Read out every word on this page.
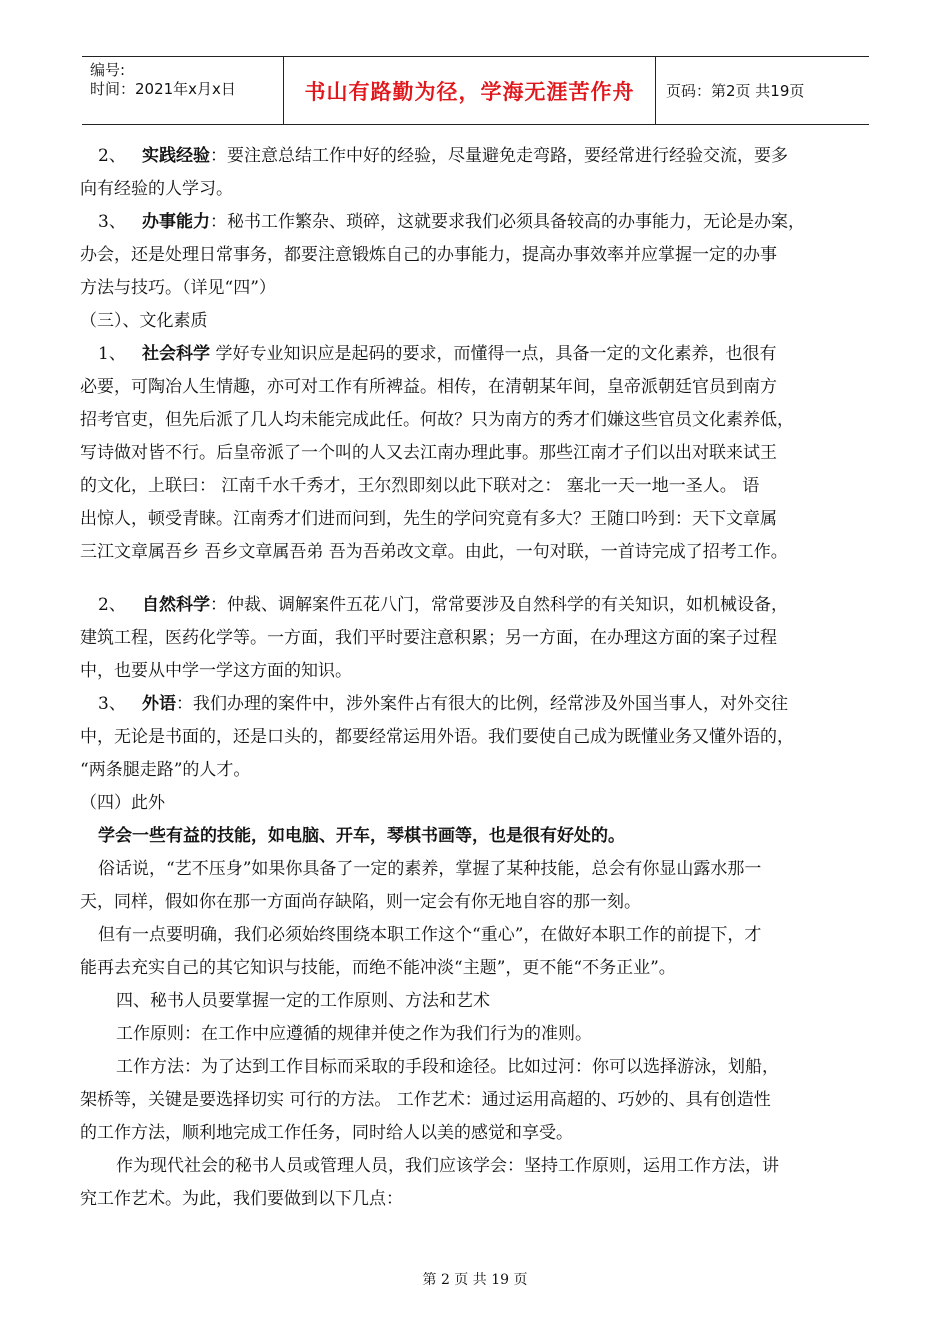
编号:
时间：2021年x月x日	书山有路勤为径，学海无涯苦作舟	页码：第2页 共19页

2、 实践经验：要注意总结工作中好的经验，尽量避免走弯路，要经常进行经验交流，要多

向有经验的人学习。

3、 办事能力：秘书工作繁杂、琐碎，这就要求我们必须具备较高的办事能力，无论是办案，

办会，还是处理日常事务，都要注意锻炼自己的办事能力，提高办事效率并应掌握一定的办事

方法与技巧。（详见“四”）

（三）、文化素质

1、 社会科学 学好专业知识应是起码的要求，而懂得一点，具备一定的文化素养，也很有

必要，可陶冶人生情趣，亦可对工作有所裨益。相传，在清朝某年间，皇帝派朝廷官员到南方

招考官吏，但先后派了几人均未能完成此任。何故？只为南方的秀才们嫌这些官员文化素养低，

写诗做对皆不行。后皇帝派了一个叫的人又去江南办理此事。那些江南才子们以出对联来试王

的文化，上联曰： 江南千水千秀才，王尔烈即刻以此下联对之： 塞北一天一地一圣人。 语

出惊人，顿受青睐。江南秀才们进而问到，先生的学问究竟有多大？王随口吟到：天下文章属

三江文章属吾乡 吾乡文章属吾弟 吾为吾弟改文章。由此，一句对联，一首诗完成了招考工作。

2、 自然科学：仲裁、调解案件五花八门，常常要涉及自然科学的有关知识，如机械设备，

建筑工程，医药化学等。一方面，我们平时要注意积累；另一方面，在办理这方面的案子过程

中，也要从中学一学这方面的知识。

3、 外语：我们办理的案件中，涉外案件占有很大的比例，经常涉及外国当事人，对外交往

中，无论是书面的，还是口头的，都要经常运用外语。我们要使自己成为既懂业务又懂外语的，

“两条腿走路”的人才。

（四）此外

学会一些有益的技能，如电脑、开车，琴棋书画等，也是很有好处的。

俗话说，“艺不压身”如果你具备了一定的素养，掌握了某种技能，总会有你显山露水那一

天，同样，假如你在那一方面尚存缺陷，则一定会有你无地自容的那一刻。

但有一点要明确，我们必须始终围绕本职工作这个“重心”，在做好本职工作的前提下，才

能再去充实自己的其它知识与技能，而绝不能冲淡“主题”，更不能“不务正业”。

四、秘书人员要掌握一定的工作原则、方法和艺术

工作原则：在工作中应遵循的规律并使之作为我们行为的准则。

工作方法：为了达到工作目标而采取的手段和途径。比如过河：你可以选择游泳，划船，

架桥等，关键是要选择切实 可行的方法。 工作艺术：通过运用高超的、巧妙的、具有创造性

的工作方法，顺利地完成工作任务，同时给人以美的感觉和享受。

作为现代社会的秘书人员或管理人员，我们应该学会：坚持工作原则，运用工作方法，讲

究工作艺术。为此，我们要做到以下几点：

第 2 页 共 19 页
